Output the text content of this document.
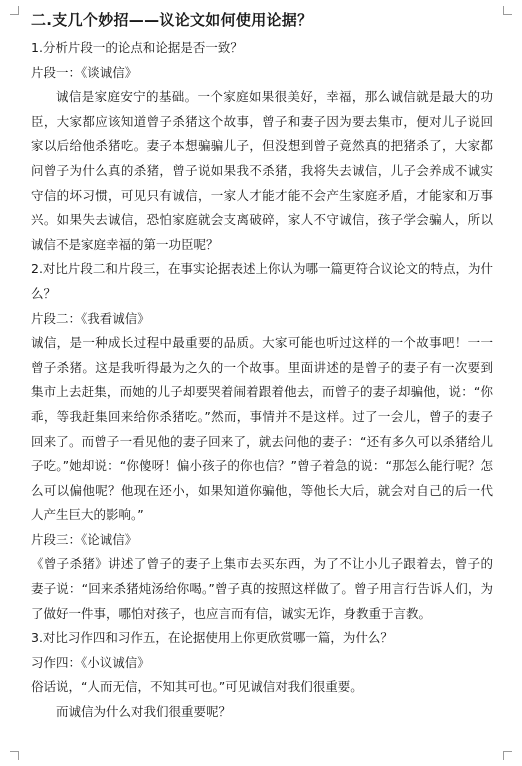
二.支几个妙招——议论文如何使用论据？
1.分析片段一的论点和论据是否一致？
片段一：《谈诚信》

诚信是家庭安宁的基础。一个家庭如果很美好，幸福，那么诚信就是最大的功臣，大家都应该知道曾子杀猪这个故事，曾子和妻子因为要去集市，便对儿子说回家以后给他杀猪吃。妻子本想骗骗儿子，但没想到曾子竟然真的把猪杀了，大家都问曾子为什么真的杀猪，曾子说如果我不杀猪，我将失去诚信，儿子会养成不诚实守信的坏习惯，可见只有诚信，一家人才能才能不会产生家庭矛盾，才能家和万事兴。如果失去诚信，恐怕家庭就会支离破碎，家人不守诚信，孩子学会骗人，所以诚信不是家庭幸福的第一功臣呢？

2.对比片段二和片段三，在事实论据表述上你认为哪一篇更符合议论文的特点，为什么？

片段二：《我看诚信》

诚信，是一种成长过程中最重要的品质。大家可能也听过这样的一个故事吧！一一曾子杀猪。这是我听得最为之久的一个故事。里面讲述的是曾子的妻子有一次要到集市上去赶集，而她的儿子却要哭着闹着跟着他去，而曾子的妻子却骗他，说：“你乖，等我赶集回来给你杀猪吃。”然而，事情并不是这样。过了一会儿，曾子的妻子回来了。而曾子一看见他的妻子回来了，就去问他的妻子：“还有多久可以杀猪给儿子吃。”她却说：“你傻呀！偏小孩子的你也信？”曾子着急的说：“那怎么能行呢？怎么可以偏他呢？他现在还小，如果知道你骗他，等他长大后，就会对自己的后一代人产生巨大的影响。”

片段三：《论诚信》

《曾子杀猪》讲述了曾子的妻子上集市去买东西，为了不让小儿子跟着去，曾子的妻子说：“回来杀猪炖汤给你喝。”曾子真的按照这样做了。曾子用言行告诉人们，为了做好一件事，哪怕对孩子，也应言而有信，诚实无诈，身教重于言教。

3.对比习作四和习作五，在论据使用上你更欣赏哪一篇，为什么？
习作四：《小议诚信》
俗话说，“人而无信，不知其可也。”可见诚信对我们很重要。
而诚信为什么对我们很重要呢？
